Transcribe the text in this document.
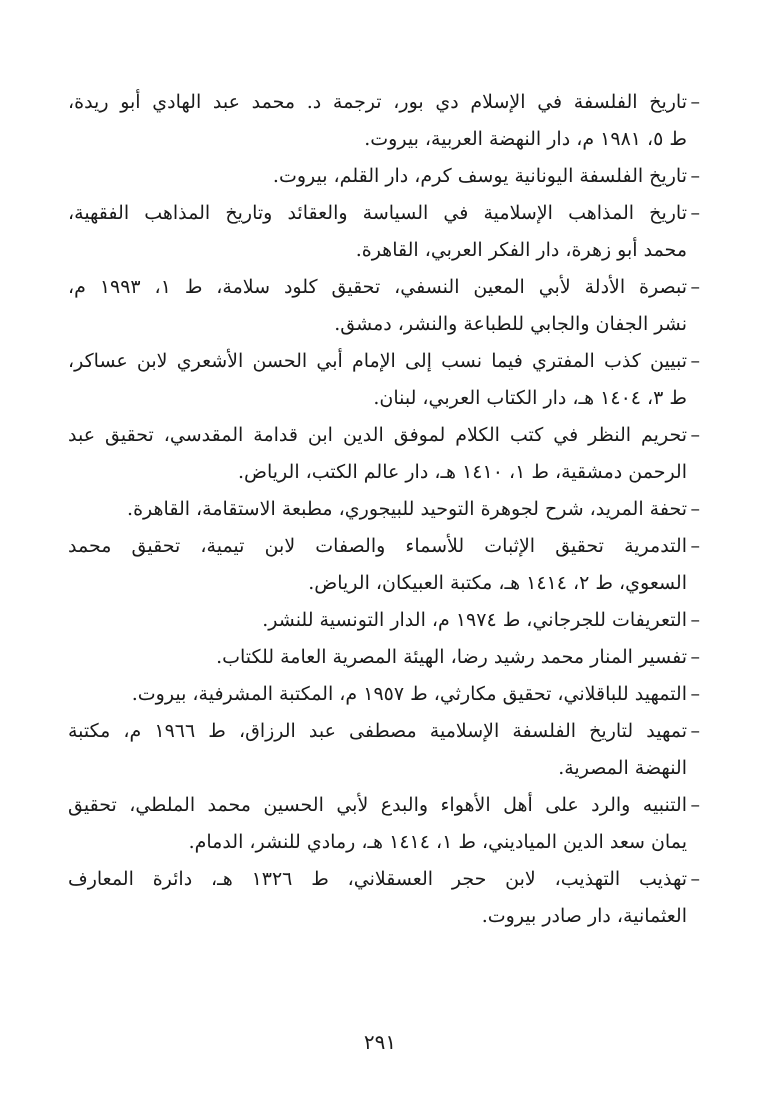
–
تاريخ الفلسفة في الإسلام دي بور، ترجمة د. محمد عبد الهادي أبو ريدة،
ط ٥، ١٩٨١ م، دار النهضة العربية، بيروت.
–
تاريخ الفلسفة اليونانية يوسف كرم، دار القلم، بيروت.
–
تاريخ المذاهب الإسلامية في السياسة والعقائد وتاريخ المذاهب الفقهية،
محمد أبو زهرة، دار الفكر العربي، القاهرة.
–
تبصرة الأدلة لأبي المعين النسفي، تحقيق كلود سلامة، ط ١، ١٩٩٣ م،
نشر الجفان والجابي للطباعة والنشر، دمشق.
–
تبيين كذب المفتري فيما نسب إلى الإمام أبي الحسن الأشعري لابن عساكر،
ط ٣، ١٤٠٤ هـ، دار الكتاب العربي، لبنان.
–
تحريم النظر في كتب الكلام لموفق الدين ابن قدامة المقدسي، تحقيق عبد
الرحمن دمشقية، ط ١، ١٤١٠ هـ، دار عالم الكتب، الرياض.
–
تحفة المريد، شرح لجوهرة التوحيد للبيجوري، مطبعة الاستقامة، القاهرة.
–
التدمرية تحقيق الإثبات للأسماء والصفات لابن تيمية، تحقيق محمد
السعوي، ط ٢، ١٤١٤ هـ، مكتبة العبيكان، الرياض.
–
التعريفات للجرجاني، ط ١٩٧٤ م، الدار التونسية للنشر.
–
تفسير المنار محمد رشيد رضا، الهيئة المصرية العامة للكتاب.
–
التمهيد للباقلاني، تحقيق مكارثي، ط ١٩٥٧ م، المكتبة المشرفية، بيروت.
–
تمهيد لتاريخ الفلسفة الإسلامية مصطفى عبد الرزاق، ط ١٩٦٦ م، مكتبة
النهضة المصرية.
–
التنبيه والرد على أهل الأهواء والبدع لأبي الحسين محمد الملطي، تحقيق
يمان سعد الدين المياديني، ط ١، ١٤١٤ هـ، رمادي للنشر، الدمام.
–
تهذيب التهذيب، لابن حجر العسقلاني، ط ١٣٢٦ هـ، دائرة المعارف
العثمانية، دار صادر بيروت.
٢٩١
